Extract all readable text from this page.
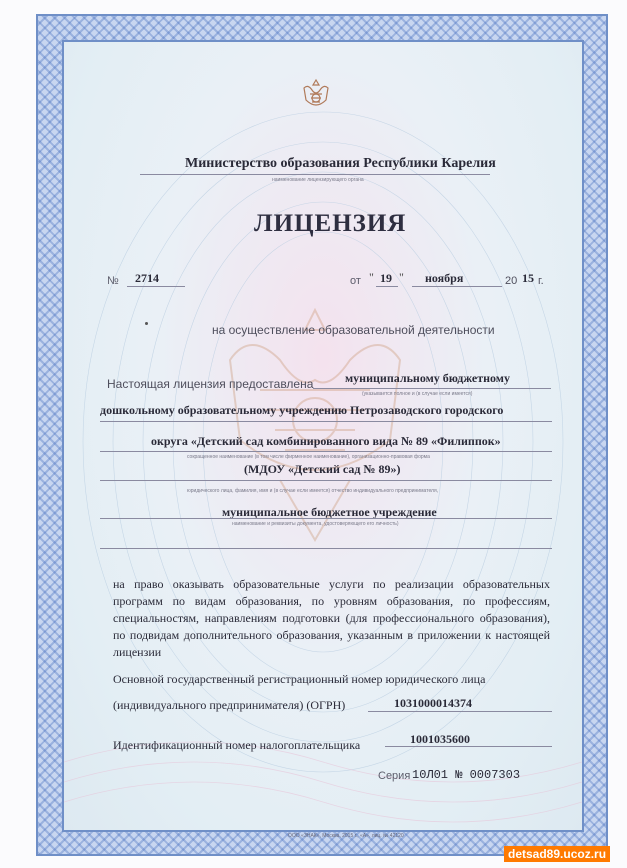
Министерство образования Республики Карелия
наименование лицензирующего органа
ЛИЦЕНЗИЯ
№ 2714	от " 19 " ноября	20 15 г.
на осуществление образовательной деятельности
Настоящая лицензия предоставлена	муниципальному бюджетному
(указывается полное и (в случае если имеется)
дошкольному образовательному учреждению Петрозаводского городского
округа «Детский сад комбинированного вида № 89 «Филиппок»
сокращенное наименование (в том числе фирменное наименование), организационно-правовая форма
(МДОУ «Детский сад № 89»)
юридического лица, фамилия, имя и (в случае если имеется) отчество индивидуального предпринимателя,
муниципальное бюджетное учреждение
наименование и реквизиты документа, удостоверяющего его личность)
на право оказывать образовательные услуги по реализации образовательных программ по видам образования, по уровням образования, по профессиям, специальностям, направлениям подготовки (для профессионального образования), по подвидам дополнительного образования, указанным в приложении к настоящей лицензии
Основной государственный регистрационный номер юридического лица
(индивидуального предпринимателя) (ОГРН)	1031000014374
Идентификационный номер налогоплательщика	1001035600
Серия 10Л01 № 0007303
ООО «ЗНАК», Москва, 2015 г., «А», лиц. № 42120
detsad89.ucoz.ru
